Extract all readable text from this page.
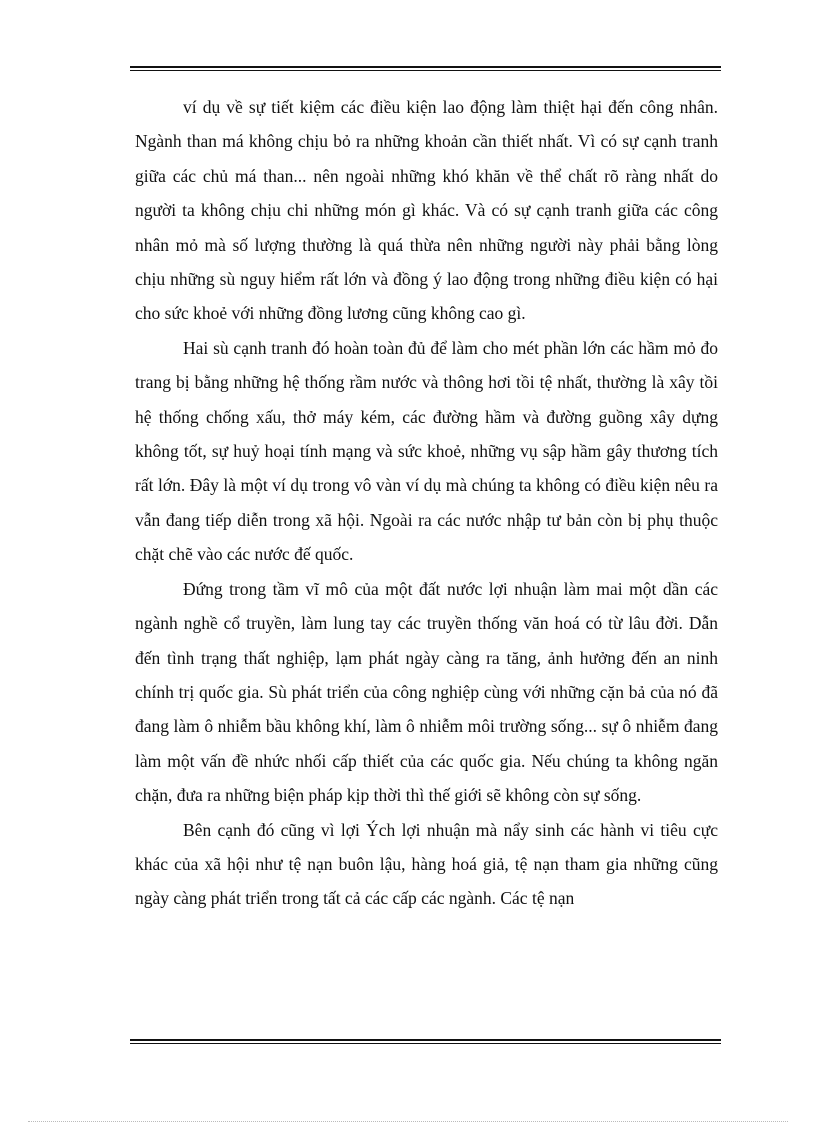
ví dụ về sự tiết kiệm các điều kiện lao động làm thiệt hại đến công nhân. Ngành than má không chịu bỏ ra những khoản cần thiết nhất. Vì có sự cạnh tranh giữa các chủ má than... nên ngoài những khó khăn về thể chất rõ ràng nhất do người ta không chịu chi những món gì khác. Và có sự cạnh tranh giữa các công nhân mỏ mà số lượng thường là quá thừa nên những người này phải bằng lòng chịu những sù nguy hiểm rất lớn và đồng ý lao động trong những điều kiện có hại cho sức khoẻ với những đồng lương cũng không cao gì.

Hai sù cạnh tranh đó hoàn toàn đủ để làm cho mét phần lớn các hầm mỏ đo trang bị bằng những hệ thống rầm nước và thông hơi tồi tệ nhất, thường là xây tồi hệ thống chống xấu, thở máy kém, các đường hầm và đường guồng xây dựng không tốt, sự huỷ hoại tính mạng và sức khoẻ, những vụ sập hầm gây thương tích rất lớn. Đây là một ví dụ trong vô vàn ví dụ mà chúng ta không có điều kiện nêu ra vẫn đang tiếp diễn trong xã hội. Ngoài ra các nước nhập tư bản còn bị phụ thuộc chặt chẽ vào các nước đế quốc.

Đứng trong tầm vĩ mô của một đất nước lợi nhuận làm mai một dần các ngành nghề cổ truyền, làm lung tay các truyền thống văn hoá có từ lâu đời. Dẫn đến tình trạng thất nghiệp, lạm phát ngày càng ra tăng, ảnh hưởng đến an ninh chính trị quốc gia. Sù phát triển của công nghiệp cùng với những cặn bả của nó đã đang làm ô nhiễm bầu không khí, làm ô nhiễm môi trường sống... sự ô nhiễm đang làm một vấn đề nhức nhối cấp thiết của các quốc gia. Nếu chúng ta không ngăn chặn, đưa ra những biện pháp kịp thời thì thế giới sẽ không còn sự sống.

Bên cạnh đó cũng vì lợi Ých lợi nhuận mà nẩy sinh các hành vi tiêu cực khác của xã hội như tệ nạn buôn lậu, hàng hoá giả, tệ nạn tham gia những cũng ngày càng phát triển trong tất cả các cấp các ngành. Các tệ nạn
